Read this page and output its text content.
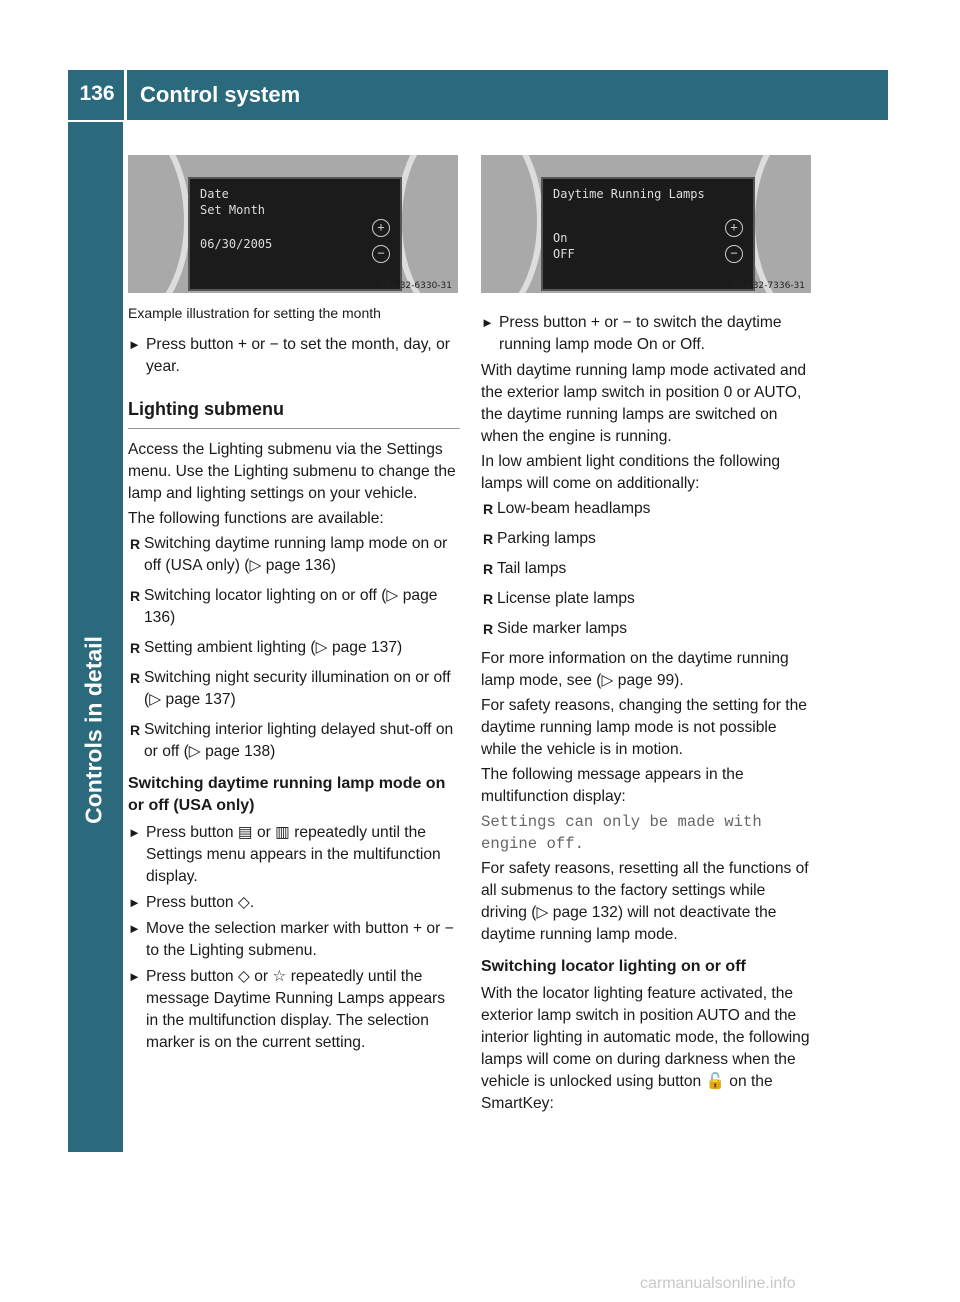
136	Control system
Controls in detail
Date
Set Month
06/30/2005
+
−
P54.32-6330-31
Daytime Running Lamps
On
OFF
+
−
P54.32-7336-31
Example illustration for setting the month
► Press button + or − to set the month, day, or year.
Lighting submenu

Access the Lighting submenu via the Settings menu. Use the Lighting submenu to change the lamp and lighting settings on your vehicle.

The following functions are available:

R Switching daytime running lamp mode on or off (USA only) (▷ page 136)
R Switching locator lighting on or off (▷ page 136)
R Setting ambient lighting (▷ page 137)
R Switching night security illumination on or off (▷ page 137)
R Switching interior lighting delayed shut-off on or off (▷ page 138)
Switching daytime running lamp mode on or off (USA only)
► Press button ▤ or ▥ repeatedly until the Settings menu appears in the multifunction display.
► Press button ◇.
► Move the selection marker with button + or − to the Lighting submenu.
► Press button ◇ or ☆ repeatedly until the message Daytime Running Lamps appears in the multifunction display. The selection marker is on the current setting.
► Press button + or − to switch the daytime running lamp mode On or Off.

With daytime running lamp mode activated and the exterior lamp switch in position 0 or AUTO, the daytime running lamps are switched on when the engine is running.

In low ambient light conditions the following lamps will come on additionally:

R Low-beam headlamps
R Parking lamps
R Tail lamps
R License plate lamps
R Side marker lamps

For more information on the daytime running lamp mode, see (▷ page 99).

For safety reasons, changing the setting for the daytime running lamp mode is not possible while the vehicle is in motion.

The following message appears in the multifunction display:

Settings can only be made with engine off.

For safety reasons, resetting all the functions of all submenus to the factory settings while driving (▷ page 132) will not deactivate the daytime running lamp mode.

Switching locator lighting on or off

With the locator lighting feature activated, the exterior lamp switch in position AUTO and the interior lighting in automatic mode, the following lamps will come on during darkness when the vehicle is unlocked using button 🔓 on the SmartKey:

carmanualsonline.info
